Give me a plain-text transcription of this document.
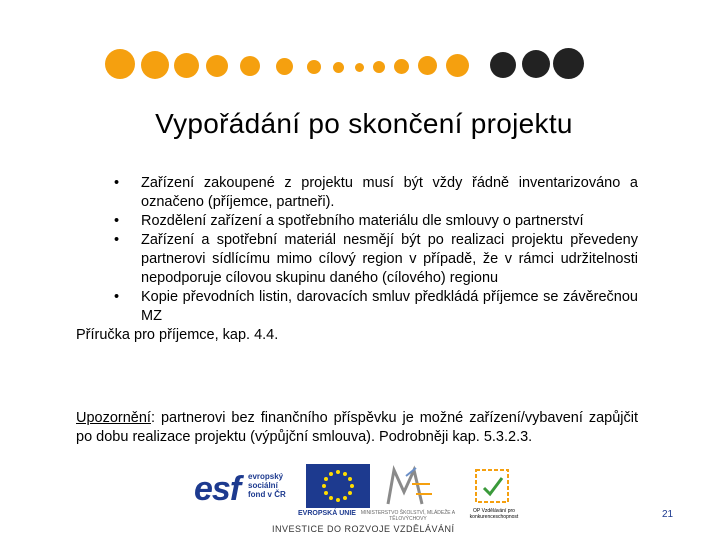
Vypořádání po skončení projektu
• Zařízení zakoupené z projektu musí být vždy řádně inventarizováno a označeno (příjemce, partneři).
• Rozdělení zařízení a spotřebního materiálu dle smlouvy o partnerství
• Zařízení a spotřební materiál nesmějí být po realizaci projektu převedeny partnerovi sídlícímu mimo cílový region v případě, že v rámci udržitelnosti nepodporuje cílovou skupinu daného (cílového) regionu
• Kopie převodních listin, darovacích smluv předkládá příjemce se závěrečnou MZ
Příručka pro příjemce, kap. 4.4.
Upozornění: partnerovi bez finančního příspěvku je možné zařízení/vybavení zapůjčit po dobu realizace projektu (výpůjční smlouva). Podrobněji kap. 5.3.2.3.
esf evropský
sociální
fond v ČR
EVROPSKÁ UNIE MINISTERSTVO ŠKOLSTVÍ, MLÁDEŽE A TĚLOVÝCHOVY
OP Vzdělávání pro konkurenceschopnost
INVESTICE DO ROZVOJE VZDĚLÁVÁNÍ
21
